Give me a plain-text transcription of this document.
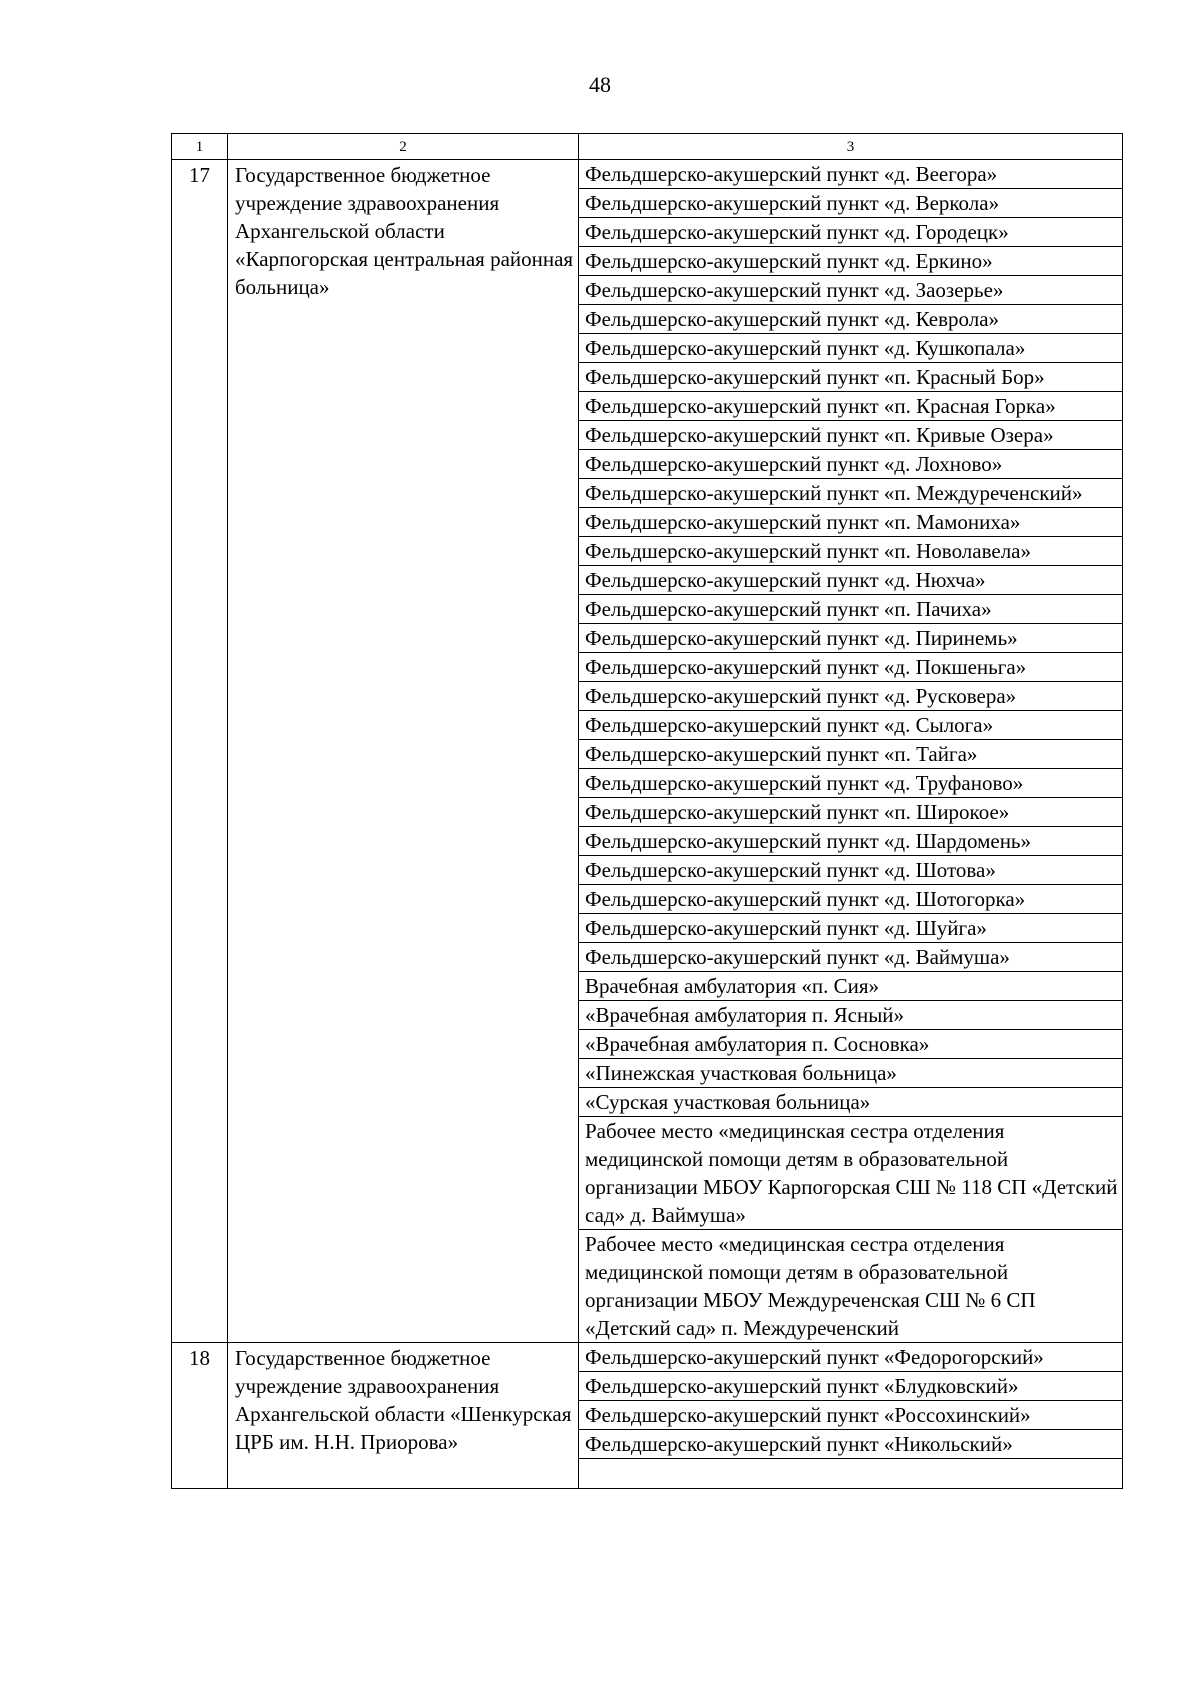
48
1	2	3
17	Государственное бюджетное учреждение здравоохранения Архангельской области «Карпогорская центральная районная больница»	Фельдшерско-акушерский пункт «д. Веегора»
		Фельдшерско-акушерский пункт «д. Веркола»
		Фельдшерско-акушерский пункт «д. Городецк»
		Фельдшерско-акушерский пункт «д. Еркино»
		Фельдшерско-акушерский пункт «д. Заозерье»
		Фельдшерско-акушерский пункт «д. Кеврола»
		Фельдшерско-акушерский пункт «д. Кушкопала»
		Фельдшерско-акушерский пункт «п. Красный Бор»
		Фельдшерско-акушерский пункт «п. Красная Горка»
		Фельдшерско-акушерский пункт «п. Кривые Озера»
		Фельдшерско-акушерский пункт «д. Лохново»
		Фельдшерско-акушерский пункт «п. Междуреченский»
		Фельдшерско-акушерский пункт «п. Мамониха»
		Фельдшерско-акушерский пункт «п. Новолавела»
		Фельдшерско-акушерский пункт «д. Нюхча»
		Фельдшерско-акушерский пункт «п. Пачиха»
		Фельдшерско-акушерский пункт «д. Пиринемь»
		Фельдшерско-акушерский пункт «д. Покшеньга»
		Фельдшерско-акушерский пункт «д. Русковера»
		Фельдшерско-акушерский пункт «д. Сылога»
		Фельдшерско-акушерский пункт «п. Тайга»
		Фельдшерско-акушерский пункт «д. Труфаново»
		Фельдшерско-акушерский пункт «п. Широкое»
		Фельдшерско-акушерский пункт «д. Шардомень»
		Фельдшерско-акушерский пункт «д. Шотова»
		Фельдшерско-акушерский пункт «д. Шотогорка»
		Фельдшерско-акушерский пункт «д. Шуйга»
		Фельдшерско-акушерский пункт «д. Ваймуша»
		Врачебная амбулатория «п. Сия»
		«Врачебная амбулатория п. Ясный»
		«Врачебная амбулатория п. Сосновка»
		«Пинежская участковая больница»
		«Сурская участковая больница»
		Рабочее место «медицинская сестра отделения медицинской помощи детям в образовательной организации МБОУ Карпогорская СШ № 118 СП «Детский сад» д. Ваймуша»
		Рабочее место «медицинская сестра отделения медицинской помощи детям в образовательной организации МБОУ Междуреченская СШ № 6 СП «Детский сад» п. Междуреченский
18	Государственное бюджетное учреждение здравоохранения Архангельской области «Шенкурская ЦРБ им. Н.Н. Приорова»	Фельдшерско-акушерский пункт «Федорогорский»
		Фельдшерско-акушерский пункт «Блудковский»
		Фельдшерско-акушерский пункт «Россохинский»
		Фельдшерско-акушерский пункт «Никольский»
